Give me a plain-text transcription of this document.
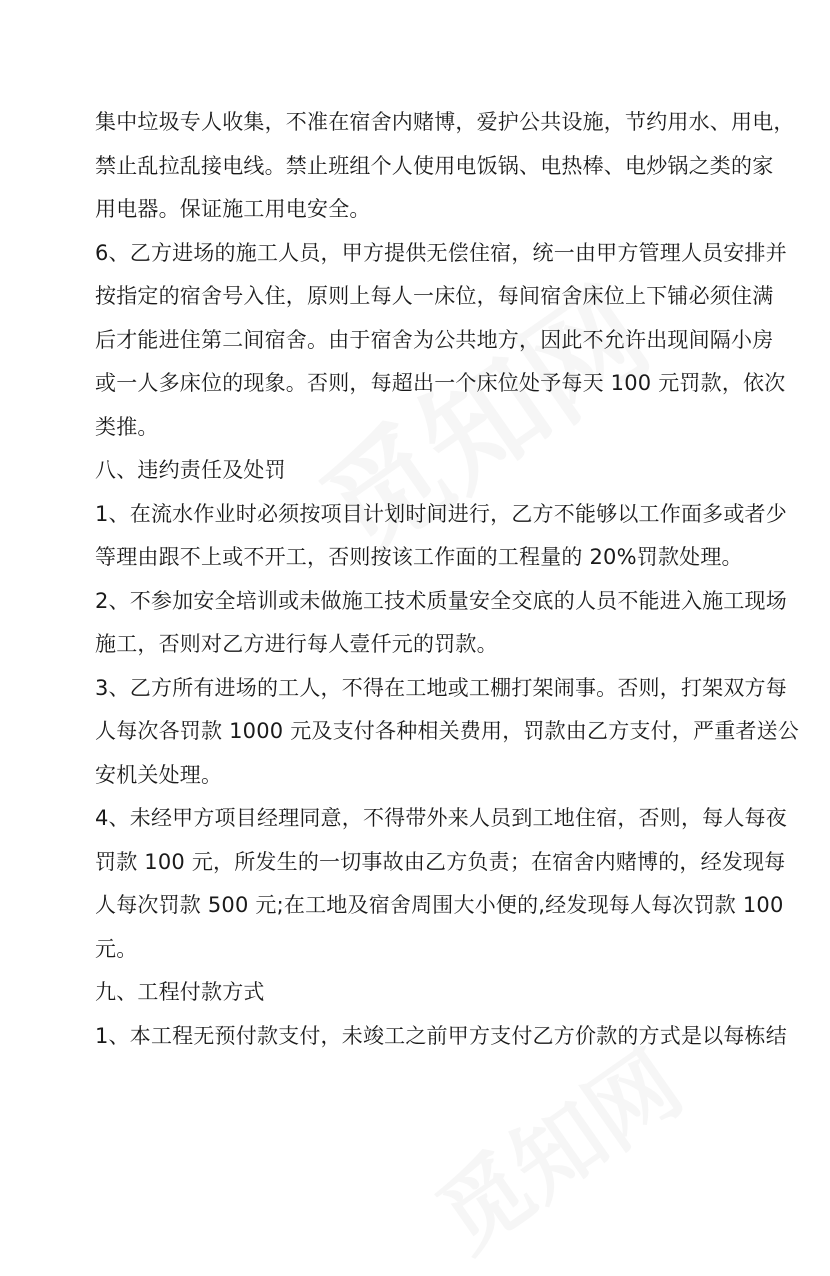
集中垃圾专人收集，不准在宿舍内赌博，爱护公共设施，节约用水、用电，
禁止乱拉乱接电线。禁止班组个人使用电饭锅、电热棒、电炒锅之类的家
用电器。保证施工用电安全。
6、乙方进场的施工人员，甲方提供无偿住宿，统一由甲方管理人员安排并
按指定的宿舍号入住，原则上每人一床位，每间宿舍床位上下铺必须住满
后才能进住第二间宿舍。由于宿舍为公共地方，因此不允许出现间隔小房
或一人多床位的现象。否则，每超出一个床位处予每天 100 元罚款，依次
类推。
八、违约责任及处罚
1、在流水作业时必须按项目计划时间进行，乙方不能够以工作面多或者少
等理由跟不上或不开工，否则按该工作面的工程量的 20%罚款处理。
2、不参加安全培训或未做施工技术质量安全交底的人员不能进入施工现场
施工，否则对乙方进行每人壹仟元的罚款。
3、乙方所有进场的工人，不得在工地或工棚打架闹事。否则，打架双方每
人每次各罚款 1000 元及支付各种相关费用，罚款由乙方支付，严重者送公
安机关处理。
4、未经甲方项目经理同意，不得带外来人员到工地住宿，否则，每人每夜
罚款 100 元，所发生的一切事故由乙方负责；在宿舍内赌博的，经发现每
人每次罚款 500 元;在工地及宿舍周围大小便的,经发现每人每次罚款 100
元。
九、工程付款方式
1、本工程无预付款支付，未竣工之前甲方支付乙方价款的方式是以每栋结
